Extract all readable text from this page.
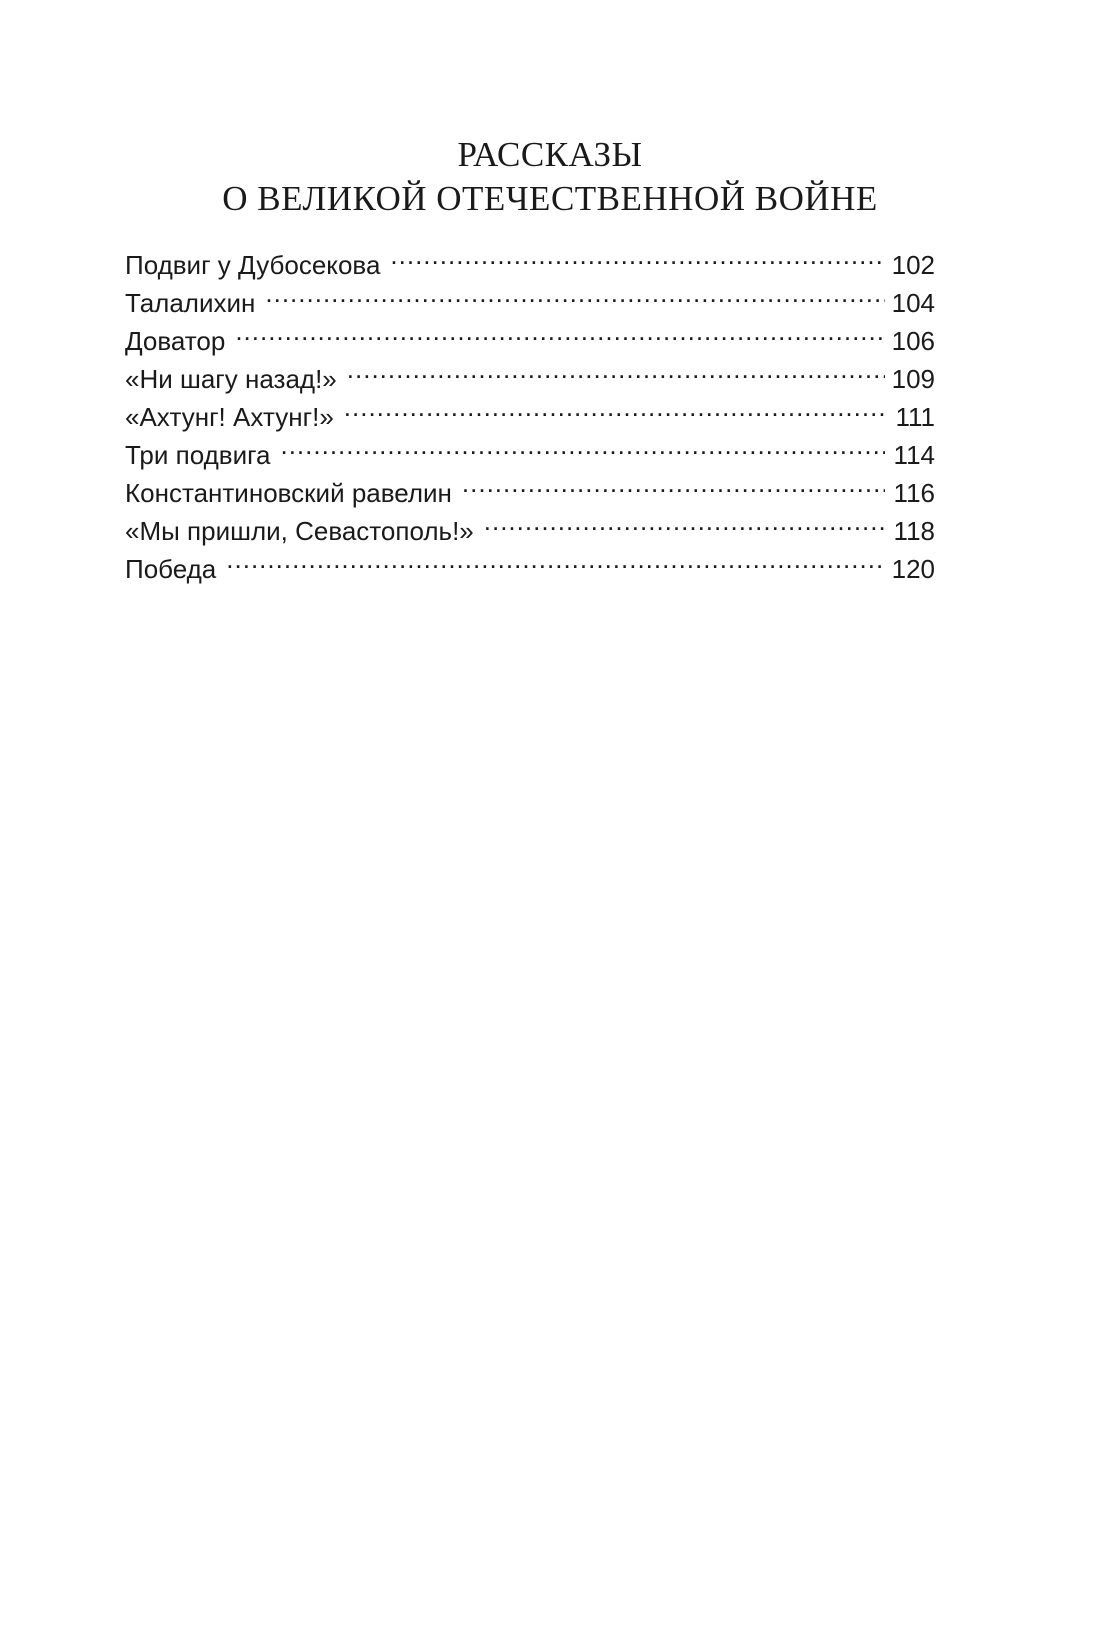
РАССКАЗЫ
О ВЕЛИКОЙ ОТЕЧЕСТВЕННОЙ ВОЙНЕ
Подвиг у Дубосекова .....	102
Талалихин .....	104
Доватор .....	106
«Ни шагу назад!» .....	109
«Ахтунг! Ахтунг!» .....	111
Три подвига .....	114
Константиновский равелин .....	116
«Мы пришли, Севастополь!» .....	118
Победа .....	120
